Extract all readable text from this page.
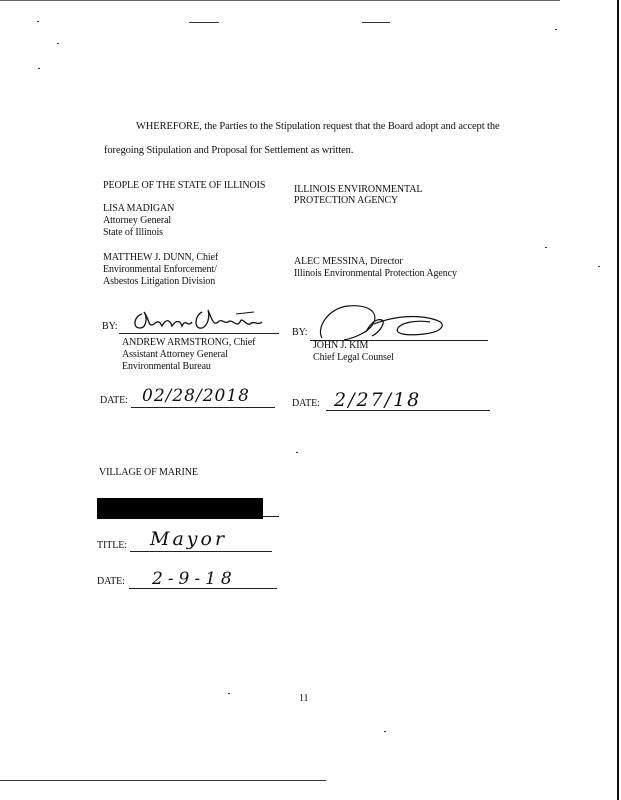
WHEREFORE, the Parties to the Stipulation request that the Board adopt and accept the
foregoing Stipulation and Proposal for Settlement as written.
PEOPLE OF THE STATE OF ILLINOIS
LISA MADIGAN
Attorney General
State of Illinois
MATTHEW J. DUNN, Chief
Environmental Enforcement/
Asbestos Litigation Division
BY:
ANDREW ARMSTRONG, Chief
Assistant Attorney General
Environmental Bureau
DATE: 02/28/2018
ILLINOIS ENVIRONMENTAL
PROTECTION AGENCY
ALEC MESSINA, Director
Illinois Environmental Protection Agency
BY:
JOHN J. KIM
Chief Legal Counsel
DATE: 2/27/18
VILLAGE OF MARINE
TITLE: Mayor
DATE: 2-9-18
11
